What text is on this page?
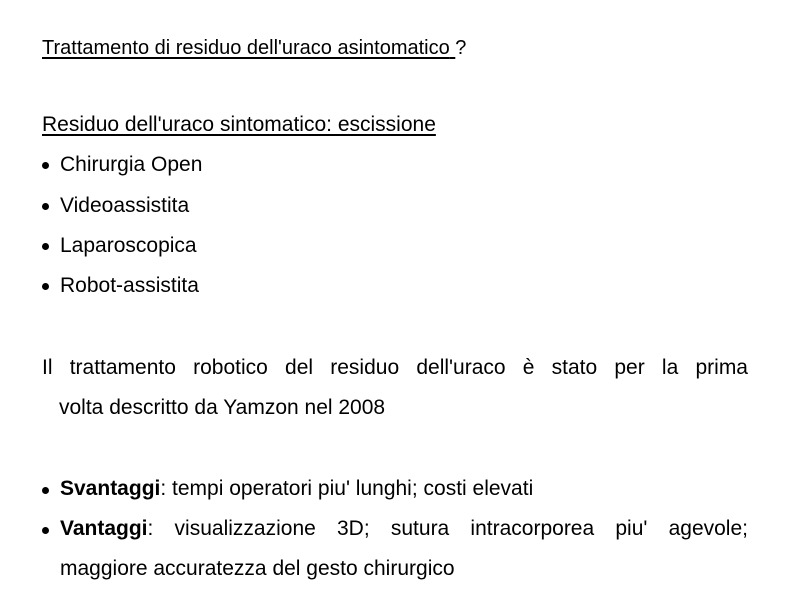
Trattamento di residuo dell'uraco asintomatico ?
Residuo dell'uraco sintomatico: escissione
Chirurgia Open
Videoassistita
Laparoscopica
Robot-assistita
Il trattamento robotico del residuo dell'uraco è stato per la prima
volta descritto da Yamzon nel 2008
Svantaggi: tempi operatori piu' lunghi; costi elevati
Vantaggi: visualizzazione 3D; sutura intracorporea piu' agevole;
maggiore accuratezza del gesto chirurgico
